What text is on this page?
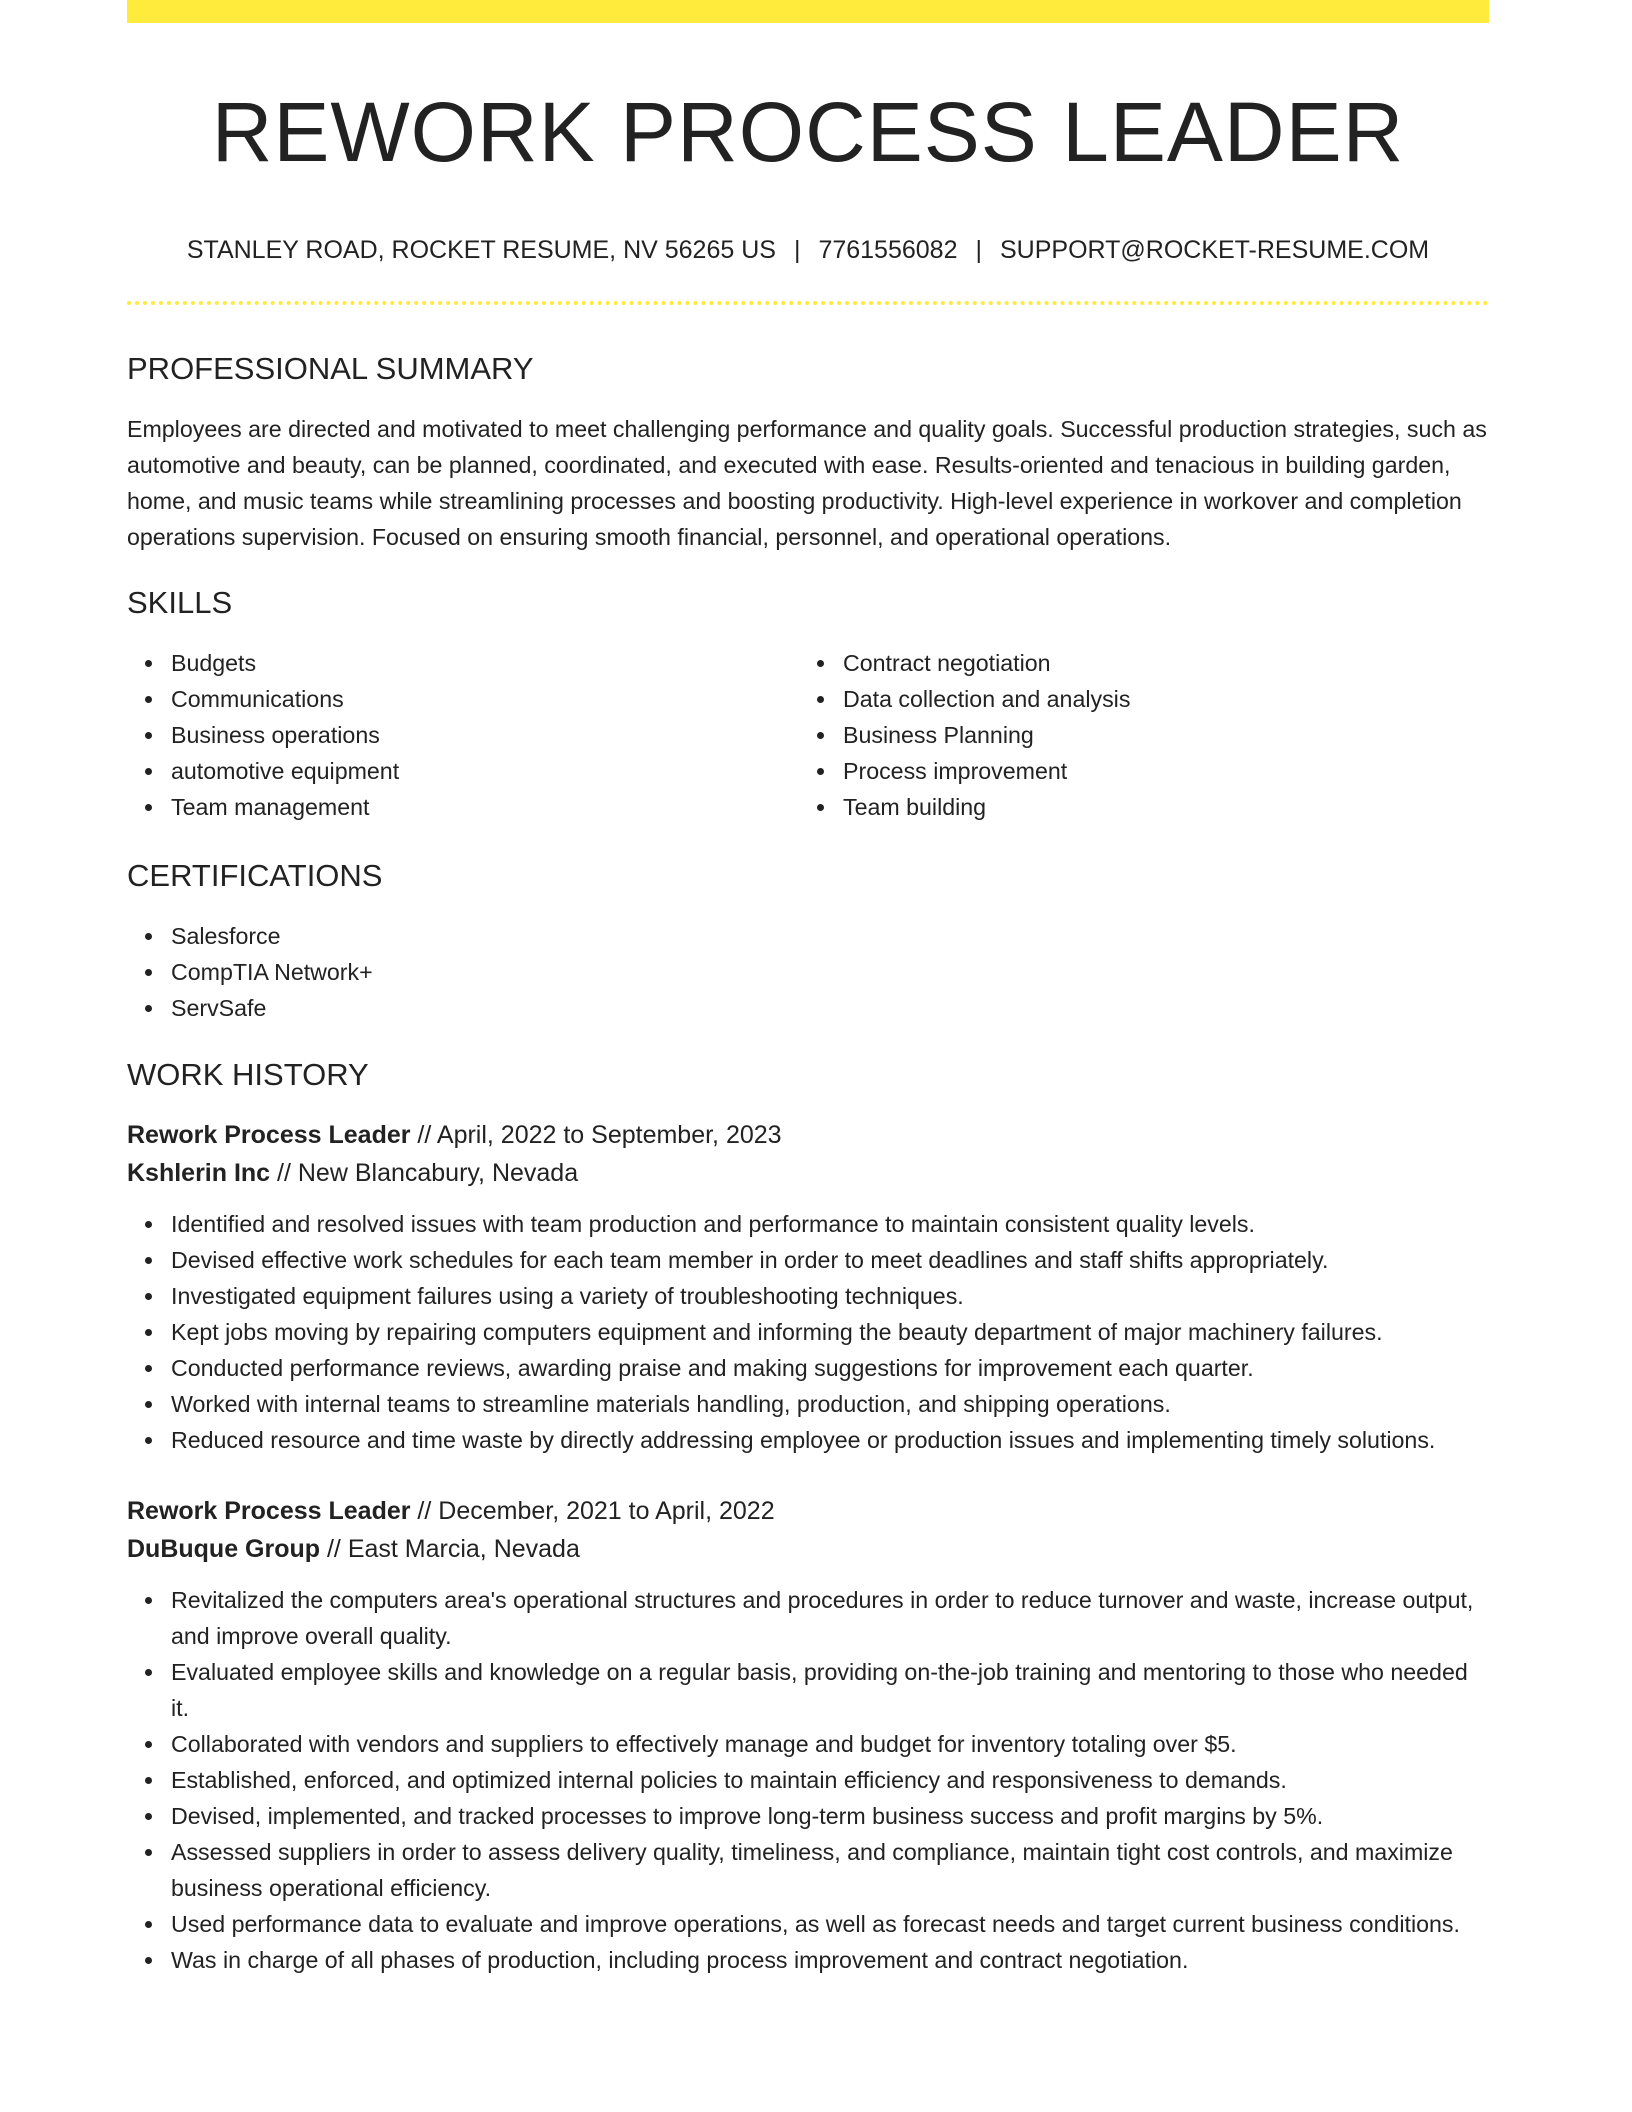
REWORK PROCESS LEADER
STANLEY ROAD, ROCKET RESUME, NV 56265 US | 7761556082 | SUPPORT@ROCKET-RESUME.COM
PROFESSIONAL SUMMARY

Employees are directed and motivated to meet challenging performance and quality goals. Successful production strategies, such as automotive and beauty, can be planned, coordinated, and executed with ease. Results-oriented and tenacious in building garden, home, and music teams while streamlining processes and boosting productivity. High-level experience in workover and completion operations supervision. Focused on ensuring smooth financial, personnel, and operational operations.

SKILLS
Budgets
Communications
Business operations
automotive equipment
Team management
Contract negotiation
Data collection and analysis
Business Planning
Process improvement
Team building
CERTIFICATIONS
Salesforce
CompTIA Network+
ServSafe
WORK HISTORY
Rework Process Leader // April, 2022 to September, 2023
Kshlerin Inc // New Blancabury, Nevada
Identified and resolved issues with team production and performance to maintain consistent quality levels.
Devised effective work schedules for each team member in order to meet deadlines and staff shifts appropriately.
Investigated equipment failures using a variety of troubleshooting techniques.
Kept jobs moving by repairing computers equipment and informing the beauty department of major machinery failures.
Conducted performance reviews, awarding praise and making suggestions for improvement each quarter.
Worked with internal teams to streamline materials handling, production, and shipping operations.
Reduced resource and time waste by directly addressing employee or production issues and implementing timely solutions.
Rework Process Leader // December, 2021 to April, 2022
DuBuque Group // East Marcia, Nevada
Revitalized the computers area's operational structures and procedures in order to reduce turnover and waste, increase output, and improve overall quality.
Evaluated employee skills and knowledge on a regular basis, providing on-the-job training and mentoring to those who needed it.
Collaborated with vendors and suppliers to effectively manage and budget for inventory totaling over $5.
Established, enforced, and optimized internal policies to maintain efficiency and responsiveness to demands.
Devised, implemented, and tracked processes to improve long-term business success and profit margins by 5%.
Assessed suppliers in order to assess delivery quality, timeliness, and compliance, maintain tight cost controls, and maximize business operational efficiency.
Used performance data to evaluate and improve operations, as well as forecast needs and target current business conditions.
Was in charge of all phases of production, including process improvement and contract negotiation.
